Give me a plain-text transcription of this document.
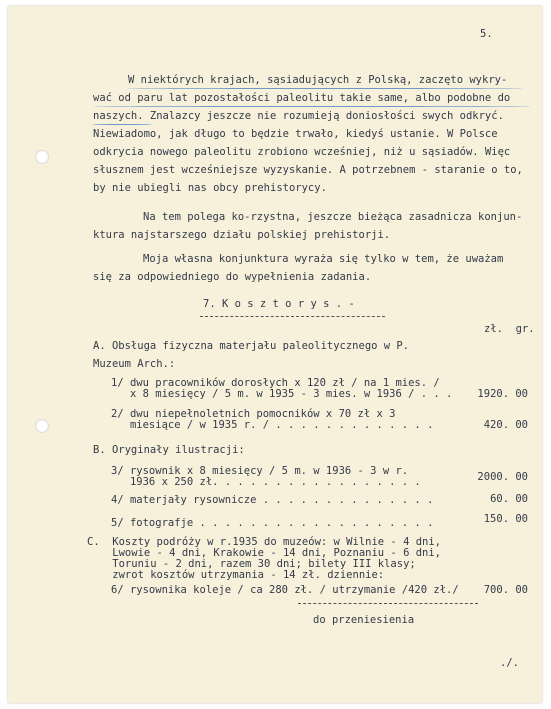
5.
W niektórych krajach, sąsiadujących z Polską, zaczęto wykry-
wać od paru lat pozostałości paleolitu takie same, albo podobne do
naszych. Znalazcy jeszcze nie rozumieją doniosłości swych odkryć.
Niewiadomo, jak długo to będzie trwało, kiedyś ustanie. W Polsce
odkrycia nowego paleolitu zrobiono wcześniej, niż u sąsiadów. Więc
słusznem jest wcześniejsze wyzyskanie. A potrzebnem - staranie o to,
by nie ubiegli nas obcy prehistorycy.
Na tem polega ko-rzystna, jeszcze bieżąca zasadnicza konjun-
ktura najstarszego działu polskiej prehistorji.
Moja własna konjunktura wyraża się tylko w tem, że uważam
się za odpowiedniego do wypełnienia zadania.
7. K o s z t o r y s . -
zł.  gr.
A. Obsługa fizyczna materjału paleolitycznego w P.
Muzeum Arch.:
1/ dwu pracowników dorosłych x 120 zł / na 1 mies. /
x 8 miesięcy / 5 m. w 1935 - 3 mies. w 1936 / . . . 1920. 00
2/ dwu niepełnoletnich pomocników x 70 zł x 3
miesiące / w 1935 r. / . . . . . . . . . . . . .	420. 00
B. Oryginały ilustracji:
3/ rysownik x 8 miesięcy / 5 m. w 1936 - 3 w r.
1936 x 250 zł. . . . . . . . . . . . . . . . .	2000. 00
4/ materjały rysownicze . . . . . . . . . . . . . .	60. 00
5/ fotografje . . . . . . . . . . . . . . . . . . .	150. 00
C.  Koszty podróży w r.1935 do muzeów: w Wilnie - 4 dni,
Lwowie - 4 dni, Krakowie - 14 dni, Poznaniu - 6 dni,
Toruniu - 2 dni, razem 30 dni; bilety III klasy;
zwrot kosztów utrzymania - 14 zł. dziennie:
6/ rysownika koleje / ca 280 zł. / utrzymanie /420 zł./ 700. 00
do przeniesienia
./.
